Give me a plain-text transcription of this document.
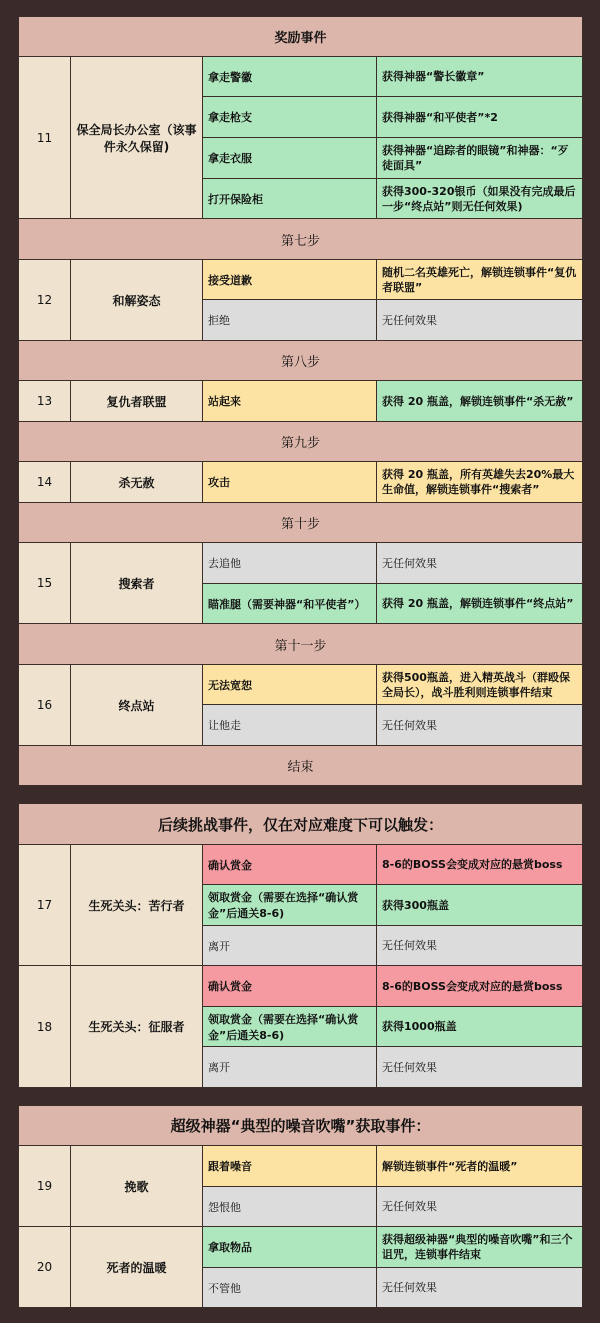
奖励事件			
11	保全局长办公室（该事件永久保留)	拿走警徽	获得神器“警长徽章”
		拿走枪支	获得神器“和平使者”*2
		拿走衣服	获得神器“追踪者的眼镜”和神器：“歹徒面具”
		打开保险柜	获得300-320银币（如果没有完成最后一步“终点站”则无任何效果)
第七步			
12	和解姿态	接受道歉	随机二名英雄死亡，解锁连锁事件“复仇者联盟”
		拒绝	无任何效果
第八步			
13	复仇者联盟	站起来	获得 20 瓶盖，解锁连锁事件“杀无赦”
第九步			
14	杀无赦	攻击	获得 20 瓶盖，所有英雄失去20%最大生命值，解锁连锁事件“搜索者”
第十步			
15	搜索者	去追他	无任何效果
		瞄准腿（需要神器“和平使者”）	获得 20 瓶盖，解锁连锁事件“终点站”
第十一步			
16	终点站	无法宽恕	获得500瓶盖，进入精英战斗（群殴保全局长），战斗胜利则连锁事件结束
		让他走	无任何效果
结束			
后续挑战事件，仅在对应难度下可以触发：			
17	生死关头：苦行者	确认赏金	8-6的BOSS会变成对应的悬赏boss
		领取赏金（需要在选择“确认赏金”后通关8-6)	获得300瓶盖
		离开	无任何效果
18	生死关头：征服者	确认赏金	8-6的BOSS会变成对应的悬赏boss
		领取赏金（需要在选择“确认赏金”后通关8-6)	获得1000瓶盖
		离开	无任何效果
超级神器“典型的噪音吹嘴”获取事件：			
19	挽歌	跟着噪音	解锁连锁事件“死者的温暖”
		怨恨他	无任何效果
20	死者的温暖	拿取物品	获得超级神器“典型的噪音吹嘴”和三个诅咒，连锁事件结束
		不管他	无任何效果
